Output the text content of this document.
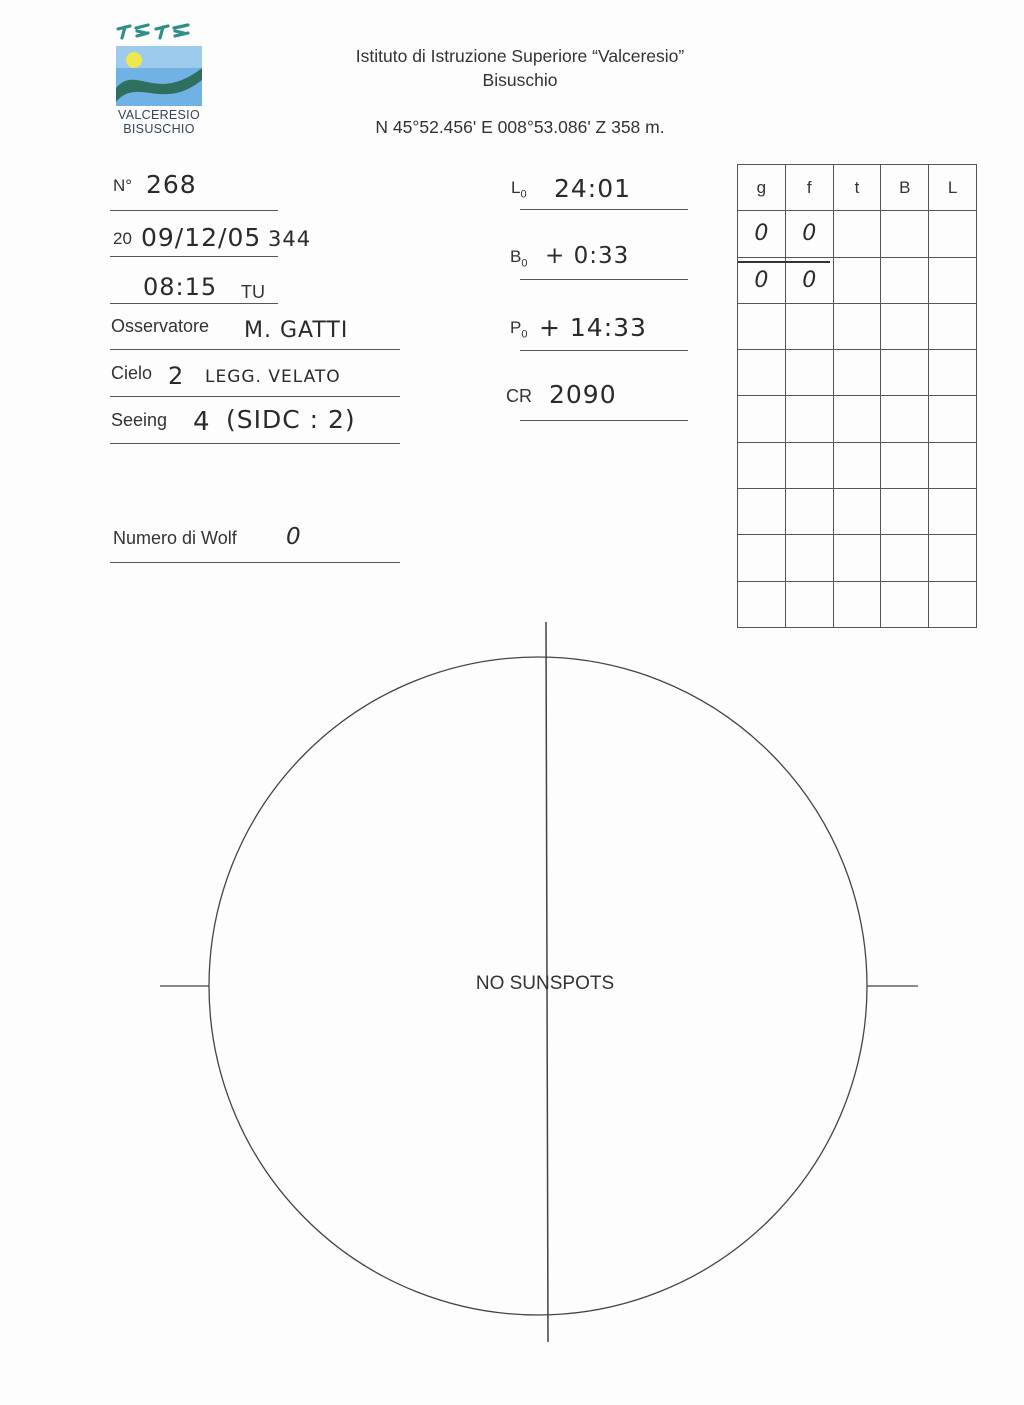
VALCERESIO
BISUSCHIO
Istituto di Istruzione Superiore “Valceresio”
Bisuschio
N 45°52.456' E 008°53.086' Z 358 m.
N° 268
20 09/12/05 344
08:15 TU
Osservatore M. GATTI
Cielo 2 LEGG. VELATO
Seeing 4 (SIDC : 2)
Numero di Wolf 0
$L_0$ 24:01
$B_0$ + 0:33
$P_0$ + 14:33
CR 2090
g	f	t	B	L
0	0			
0	0			

NO SUNSPOTS
